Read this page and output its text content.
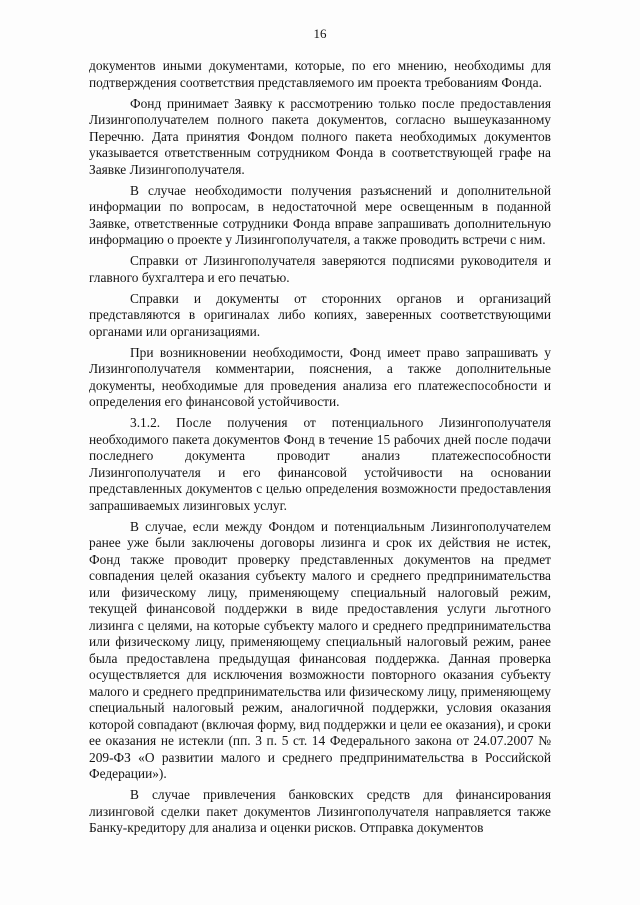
16

документов иными документами, которые, по его мнению, необходимы для подтверждения соответствия представляемого им проекта требованиям Фонда.

Фонд принимает Заявку к рассмотрению только после предоставления Лизингополучателем полного пакета документов, согласно вышеуказанному Перечню. Дата принятия Фондом полного пакета необходимых документов указывается ответственным сотрудником Фонда в соответствующей графе на Заявке Лизингополучателя.

В случае необходимости получения разъяснений и дополнительной информации по вопросам, в недостаточной мере освещенным в поданной Заявке, ответственные сотрудники Фонда вправе запрашивать дополнительную информацию о проекте у Лизингополучателя, а также проводить встречи с ним.

Справки от Лизингополучателя заверяются подписями руководителя и главного бухгалтера и его печатью.

Справки и документы от сторонних органов и организаций представляются в оригиналах либо копиях, заверенных соответствующими органами или организациями.

При возникновении необходимости, Фонд имеет право запрашивать у Лизингополучателя комментарии, пояснения, а также дополнительные документы, необходимые для проведения анализа его платежеспособности и определения его финансовой устойчивости.

3.1.2. После получения от потенциального Лизингополучателя необходимого пакета документов Фонд в течение 15 рабочих дней после подачи последнего документа проводит анализ платежеспособности Лизингополучателя и его финансовой устойчивости на основании представленных документов с целью определения возможности предоставления запрашиваемых лизинговых услуг.

В случае, если между Фондом и потенциальным Лизингополучателем ранее уже были заключены договоры лизинга и срок их действия не истек, Фонд также проводит проверку представленных документов на предмет совпадения целей оказания субъекту малого и среднего предпринимательства или физическому лицу, применяющему специальный налоговый режим, текущей финансовой поддержки в виде предоставления услуги льготного лизинга с целями, на которые субъекту малого и среднего предпринимательства или физическому лицу, применяющему специальный налоговый режим, ранее была предоставлена предыдущая финансовая поддержка. Данная проверка осуществляется для исключения возможности повторного оказания субъекту малого и среднего предпринимательства или физическому лицу, применяющему специальный налоговый режим, аналогичной поддержки, условия оказания которой совпадают (включая форму, вид поддержки и цели ее оказания), и сроки ее оказания не истекли (пп. 3 п. 5 ст. 14 Федерального закона от 24.07.2007 № 209-ФЗ «О развитии малого и среднего предпринимательства в Российской Федерации»).

В случае привлечения банковских средств для финансирования лизинговой сделки пакет документов Лизингополучателя направляется также Банку-кредитору для анализа и оценки рисков. Отправка документов
